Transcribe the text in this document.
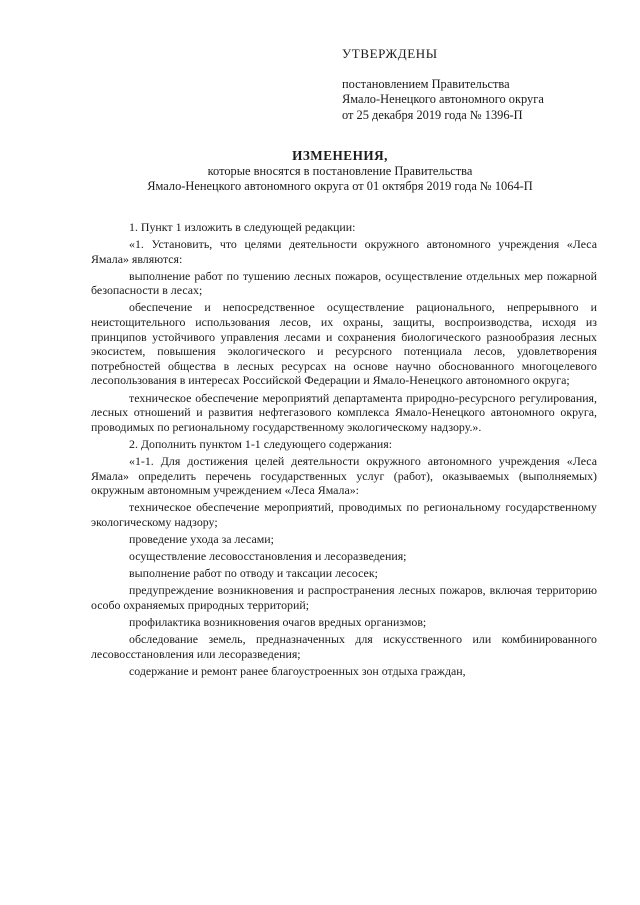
УТВЕРЖДЕНЫ
постановлением Правительства
Ямало-Ненецкого автономного округа
от 25 декабря 2019 года № 1396-П
ИЗМЕНЕНИЯ,
которые вносятся в постановление Правительства
Ямало-Ненецкого автономного округа от 01 октября 2019 года № 1064-П

1. Пункт 1 изложить в следующей редакции:

«1. Установить, что целями деятельности окружного автономного учреждения «Леса Ямала» являются:

выполнение работ по тушению лесных пожаров, осуществление отдельных мер пожарной безопасности в лесах;

обеспечение и непосредственное осуществление рационального, непрерывного и неистощительного использования лесов, их охраны, защиты, воспроизводства, исходя из принципов устойчивого управления лесами и сохранения биологического разнообразия лесных экосистем, повышения экологического и ресурсного потенциала лесов, удовлетворения потребностей общества в лесных ресурсах на основе научно обоснованного многоцелевого лесопользования в интересах Российской Федерации и Ямало-Ненецкого автономного округа;

техническое обеспечение мероприятий департамента природно-ресурсного регулирования, лесных отношений и развития нефтегазового комплекса Ямало-Ненецкого автономного округа, проводимых по региональному государственному экологическому надзору.».

2. Дополнить пунктом 1-1 следующего содержания:

«1-1. Для достижения целей деятельности окружного автономного учреждения «Леса Ямала» определить перечень государственных услуг (работ), оказываемых (выполняемых) окружным автономным учреждением «Леса Ямала»:

техническое обеспечение мероприятий, проводимых по региональному государственному экологическому надзору;

проведение ухода за лесами;

осуществление лесовосстановления и лесоразведения;

выполнение работ по отводу и таксации лесосек;

предупреждение возникновения и распространения лесных пожаров, включая территорию особо охраняемых природных территорий;

профилактика возникновения очагов вредных организмов;

обследование земель, предназначенных для искусственного или комбинированного лесовосстановления или лесоразведения;

содержание и ремонт ранее благоустроенных зон отдыха граждан,
